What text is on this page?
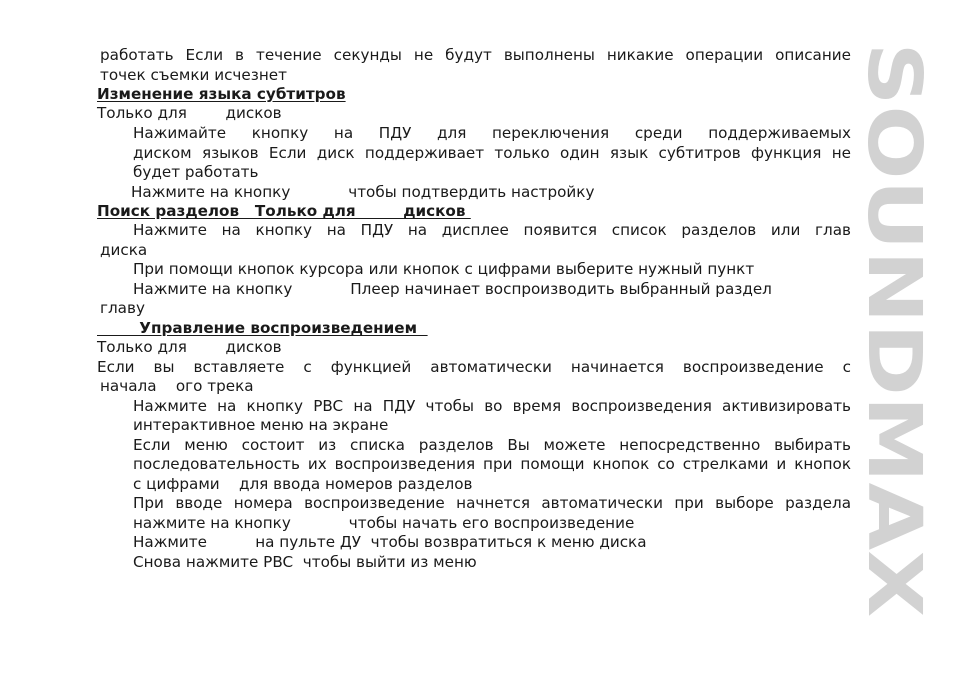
работать Если в течение секунды не будут выполнены никакие операции описание
точек съемки исчезнет
Изменение языка субтитров
Только для        дисков
Нажимайте кнопку на ПДУ для переключения среди поддерживаемых
диском языков Если диск поддерживает только один язык субтитров функция не
будет работать
Нажмите на кнопку            чтобы подтвердить настройку
Поиск разделов   Только для         дисков
Нажмите на кнопку на ПДУ на дисплее появится список разделов или глав
диска
При помощи кнопок курсора или кнопок с цифрами выберите нужный пункт
Нажмите на кнопку            Плеер начинает воспроизводить выбранный раздел
главу
Управление воспроизведением
Только для        дисков
Если вы вставляете с функцией автоматически начинается воспроизведение с
начала    ого трека
Нажмите на кнопку PBC на ПДУ чтобы во время воспроизведения активизировать
интерактивное меню на экране
Если меню состоит из списка разделов Вы можете непосредственно выбирать
последовательность их воспроизведения при помощи кнопок со стрелками и кнопок
с цифрами    для ввода номеров разделов
При вводе номера воспроизведение начнется автоматически при выборе раздела
нажмите на кнопку            чтобы начать его воспроизведение
Нажмите          на пульте ДУ  чтобы возвратиться к меню диска
Снова нажмите PBC  чтобы выйти из меню
SOUNDMAX
